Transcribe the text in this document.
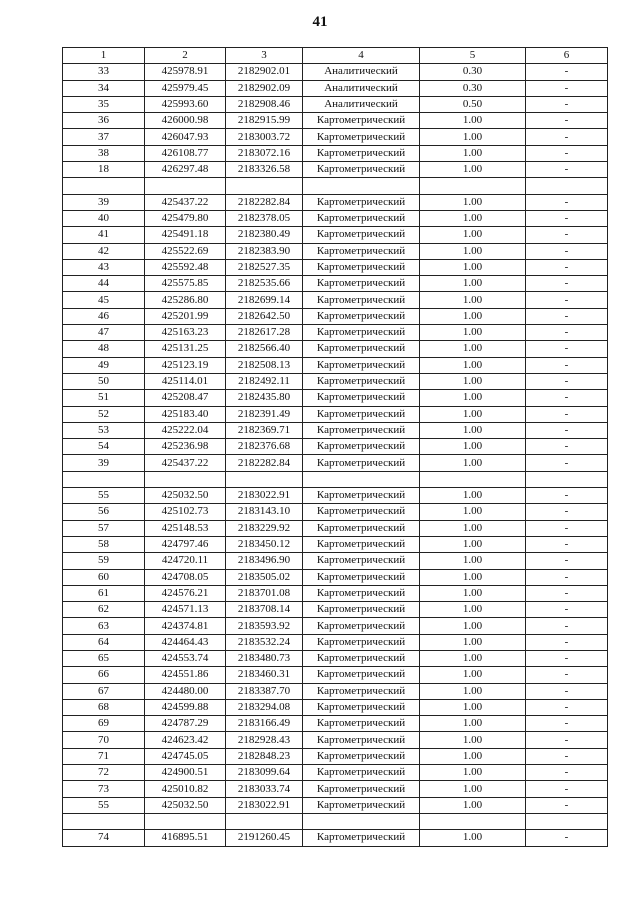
41
1	2	3	4	5	6
33	425978.91	2182902.01	Аналитический	0.30	-
34	425979.45	2182902.09	Аналитический	0.30	-
35	425993.60	2182908.46	Аналитический	0.50	-
36	426000.98	2182915.99	Картометрический	1.00	-
37	426047.93	2183003.72	Картометрический	1.00	-
38	426108.77	2183072.16	Картометрический	1.00	-
18	426297.48	2183326.58	Картометрический	1.00	-

39	425437.22	2182282.84	Картометрический	1.00	-
40	425479.80	2182378.05	Картометрический	1.00	-
41	425491.18	2182380.49	Картометрический	1.00	-
42	425522.69	2182383.90	Картометрический	1.00	-
43	425592.48	2182527.35	Картометрический	1.00	-
44	425575.85	2182535.66	Картометрический	1.00	-
45	425286.80	2182699.14	Картометрический	1.00	-
46	425201.99	2182642.50	Картометрический	1.00	-
47	425163.23	2182617.28	Картометрический	1.00	-
48	425131.25	2182566.40	Картометрический	1.00	-
49	425123.19	2182508.13	Картометрический	1.00	-
50	425114.01	2182492.11	Картометрический	1.00	-
51	425208.47	2182435.80	Картометрический	1.00	-
52	425183.40	2182391.49	Картометрический	1.00	-
53	425222.04	2182369.71	Картометрический	1.00	-
54	425236.98	2182376.68	Картометрический	1.00	-
39	425437.22	2182282.84	Картометрический	1.00	-

55	425032.50	2183022.91	Картометрический	1.00	-
56	425102.73	2183143.10	Картометрический	1.00	-
57	425148.53	2183229.92	Картометрический	1.00	-
58	424797.46	2183450.12	Картометрический	1.00	-
59	424720.11	2183496.90	Картометрический	1.00	-
60	424708.05	2183505.02	Картометрический	1.00	-
61	424576.21	2183701.08	Картометрический	1.00	-
62	424571.13	2183708.14	Картометрический	1.00	-
63	424374.81	2183593.92	Картометрический	1.00	-
64	424464.43	2183532.24	Картометрический	1.00	-
65	424553.74	2183480.73	Картометрический	1.00	-
66	424551.86	2183460.31	Картометрический	1.00	-
67	424480.00	2183387.70	Картометрический	1.00	-
68	424599.88	2183294.08	Картометрический	1.00	-
69	424787.29	2183166.49	Картометрический	1.00	-
70	424623.42	2182928.43	Картометрический	1.00	-
71	424745.05	2182848.23	Картометрический	1.00	-
72	424900.51	2183099.64	Картометрический	1.00	-
73	425010.82	2183033.74	Картометрический	1.00	-
55	425032.50	2183022.91	Картометрический	1.00	-

74	416895.51	2191260.45	Картометрический	1.00	-
